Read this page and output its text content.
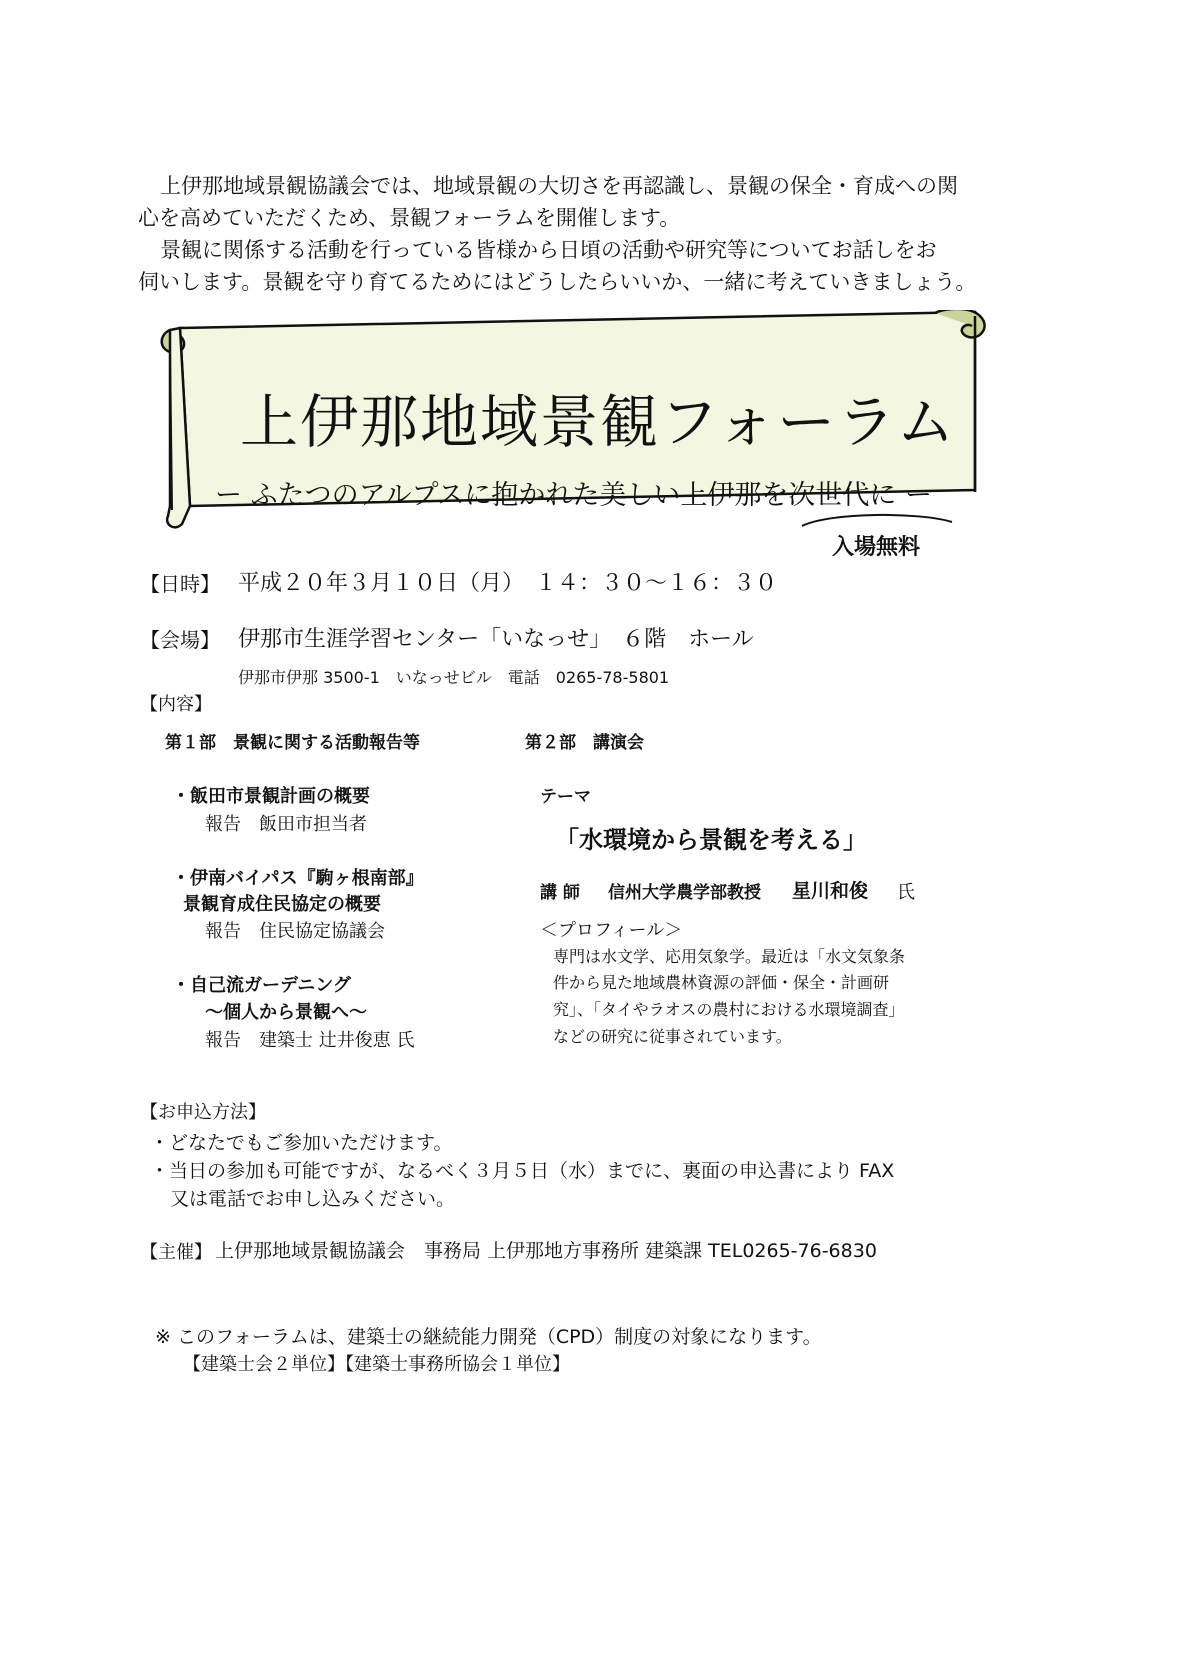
上伊那地域景観協議会では、地域景観の大切さを再認識し、景観の保全・育成への関
心を高めていただくため、景観フォーラムを開催します。
景観に関係する活動を行っている皆様から日頃の活動や研究等についてお話しをお
伺いします。景観を守り育てるためにはどうしたらいいか、一緒に考えていきましょう。
上伊那地域景観フォーラム
ー ふたつのアルプスに抱かれた美しい上伊那を次世代に ー
入場無料
【日時】 平成２０年３月１０日（月）　１４：３０〜１６：３０
【会場】 伊那市生涯学習センター「いなっせ」　６階　ホール
伊那市伊那 3500-1　いなっせビル　電話　0265-78-5801
【内容】
第１部　景観に関する活動報告等	第２部　講演会
・飯田市景観計画の概要
報告　飯田市担当者
・伊南バイパス『駒ヶ根南部』
景観育成住民協定の概要
報告　住民協定協議会
・自己流ガーデニング
〜個人から景観へ〜
報告　建築士 辻井俊恵 氏
テーマ
「水環境から景観を考える」
講 師 信州大学農学部教授 星川和俊 氏
＜プロフィール＞
専門は水文学、応用気象学。最近は「水文気象条
件から見た地域農林資源の評価・保全・計画研
究」、「タイやラオスの農村における水環境調査」
などの研究に従事されています。
【お申込方法】
・どなたでもご参加いただけます。
・当日の参加も可能ですが、なるべく３月５日（水）までに、裏面の申込書により FAX
又は電話でお申し込みください。
【主催】 上伊那地域景観協議会　事務局 上伊那地方事務所 建築課 TEL0265-76-6830
※ このフォーラムは、建築士の継続能力開発（CPD）制度の対象になります。
【建築士会２単位】【建築士事務所協会１単位】
